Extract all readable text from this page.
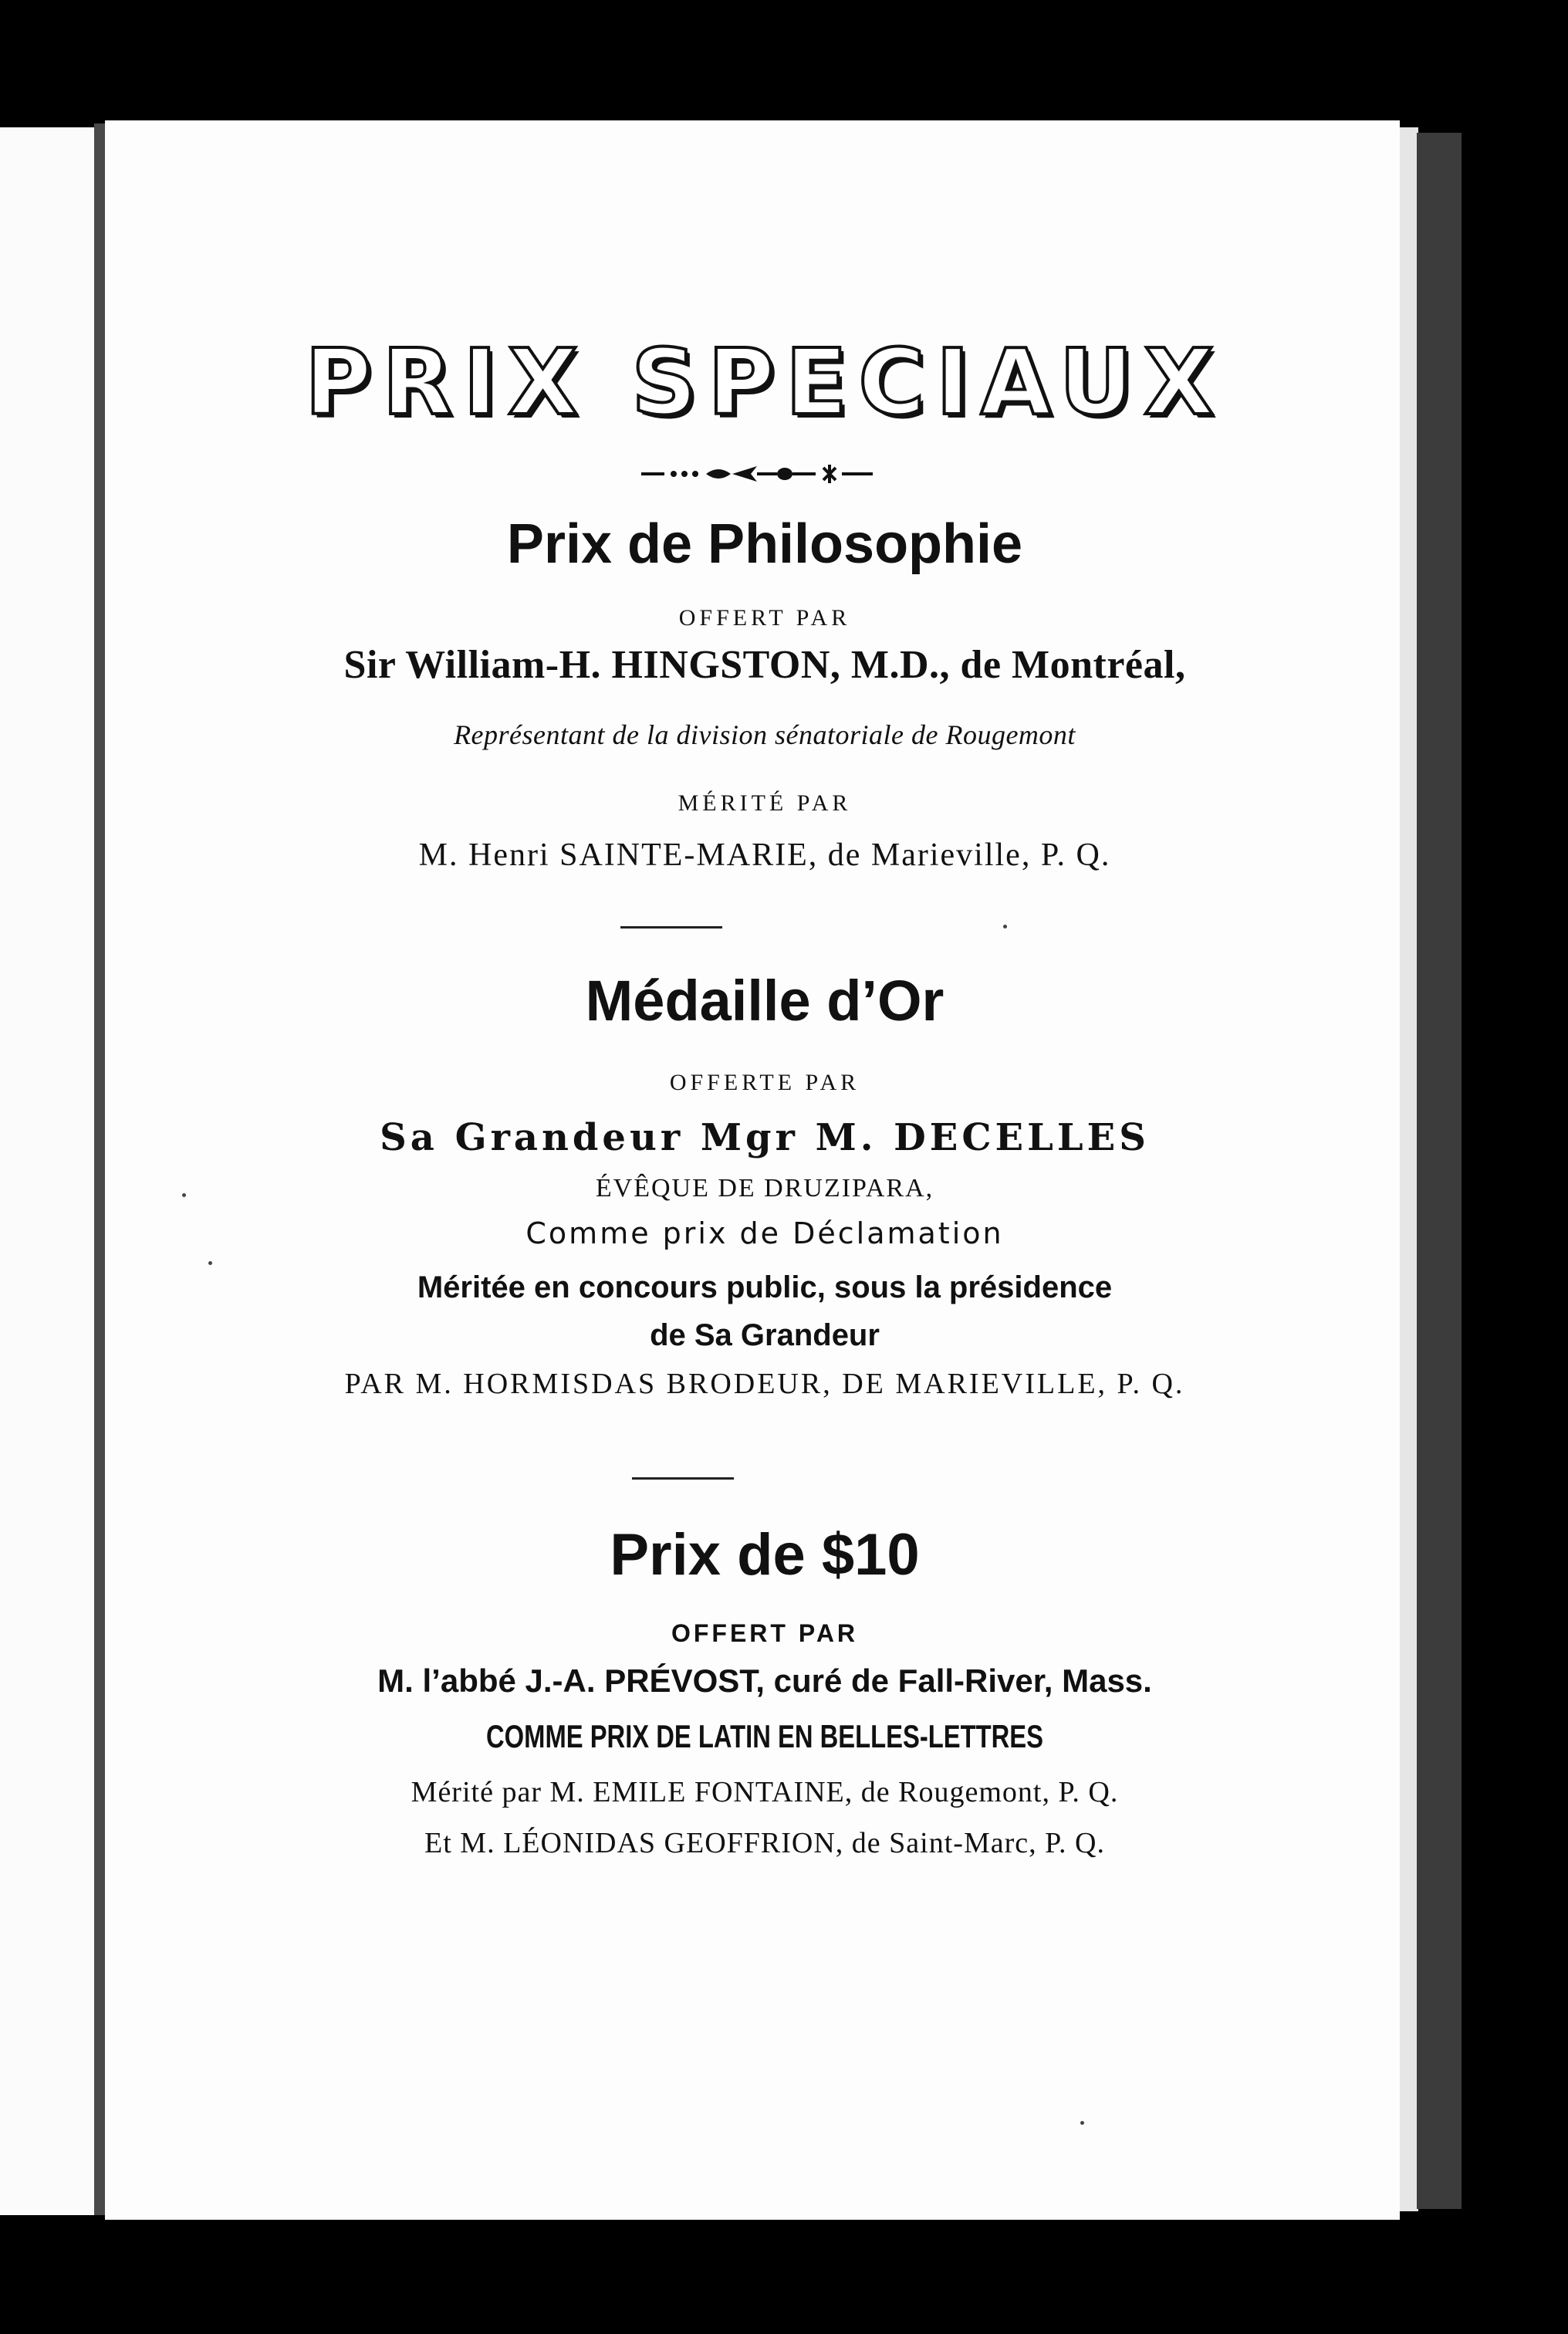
PRIX SPECIAUX
Prix de Philosophie
OFFERT PAR
Sir William-H. HINGSTON, M.D., de Montréal,
Représentant de la division sénatoriale de Rougemont
MÉRITÉ PAR
M. Henri SAINTE-MARIE, de Marieville, P. Q.
Médaille d’Or
OFFERTE PAR
Sa Grandeur Mgr M. DECELLES
ÉVÊQUE DE DRUZIPARA,
Comme prix de Déclamation
Méritée en concours public, sous la présidence
de Sa Grandeur
PAR M. HORMISDAS BRODEUR, DE MARIEVILLE, P. Q.
Prix de $10
OFFERT PAR
M. l’abbé J.-A. PRÉVOST, curé de Fall-River, Mass.
COMME PRIX DE LATIN EN BELLES-LETTRES
Mérité par M. EMILE FONTAINE, de Rougemont, P. Q.
Et M. LÉONIDAS GEOFFRION, de Saint-Marc, P. Q.
